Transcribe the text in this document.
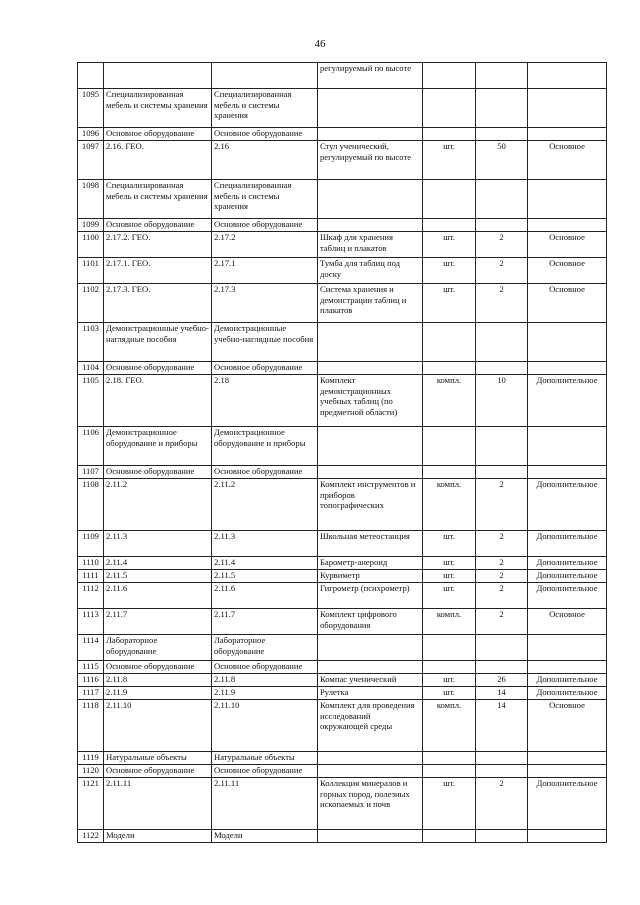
46
			регулируемый по высоте			
1095	Специализированная мебель и системы хранения	Специализированная мебель и системы хранения				
1096	Основное оборудование	Основное оборудование				
1097	2.16. ГЕО.	2.16	Стул ученический, регулируемый по высоте	шт.	50	Основное
1098	Специализированная мебель и системы хранения	Специализированная мебель и системы хранения				
1099	Основное оборудование	Основное оборудование				
1100	2.17.2. ГЕО.	2.17.2	Шкаф для хранения таблиц и плакатов	шт.	2	Основное
1101	2.17.1. ГЕО.	2.17.1	Тумба для таблиц под доску	шт.	2	Основное
1102	2.17.3. ГЕО.	2.17.3	Система хранения и демонстрации таблиц и плакатов	шт.	2	Основное
1103	Демонстрационные учебно-наглядные пособия	Демонстрационные учебно-наглядные пособия				
1104	Основное оборудование	Основное оборудование				
1105	2.18. ГЕО.	2.18	Комплект демонстрационных учебных таблиц (по предметной области)	компл.	10	Дополнительное
1106	Демонстрационное оборудование и приборы	Демонстрационное оборудование и приборы				
1107	Основное оборудование	Основное оборудование				
1108	2.11.2	2.11.2	Комплект инструментов и приборов топографических	компл.	2	Дополнительное
1109	2.11.3	2.11.3	Школьная метеостанция	шт.	2	Дополнительное
1110	2.11.4	2.11.4	Барометр-анероид	шт.	2	Дополнительное
1111	2.11.5	2.11.5	Курвиметр	шт.	2	Дополнительное
1112	2.11.6	2.11.6	Гигрометр (психрометр)	шт.	2	Дополнительное
1113	2.11.7	2.11.7	Комплект цифрового оборудования	компл.	2	Основное
1114	Лабораторное оборудование	Лабораторное оборудование				
1115	Основное оборудование	Основное оборудование				
1116	2.11.8	2.11.8	Компас ученический	шт.	26	Дополнительное
1117	2.11.9	2.11.9	Рулетка	шт.	14	Дополнительное
1118	2.11.10	2.11.10	Комплект для проведения исследований окружающей среды	компл.	14	Основное
1119	Натуральные объекты	Натуральные объекты				
1120	Основное оборудование	Основное оборудование				
1121	2.11.11	2.11.11	Коллекция минералов и горных пород, полезных ископаемых и почв	шт.	2	Дополнительное
1122	Модели	Модели				
